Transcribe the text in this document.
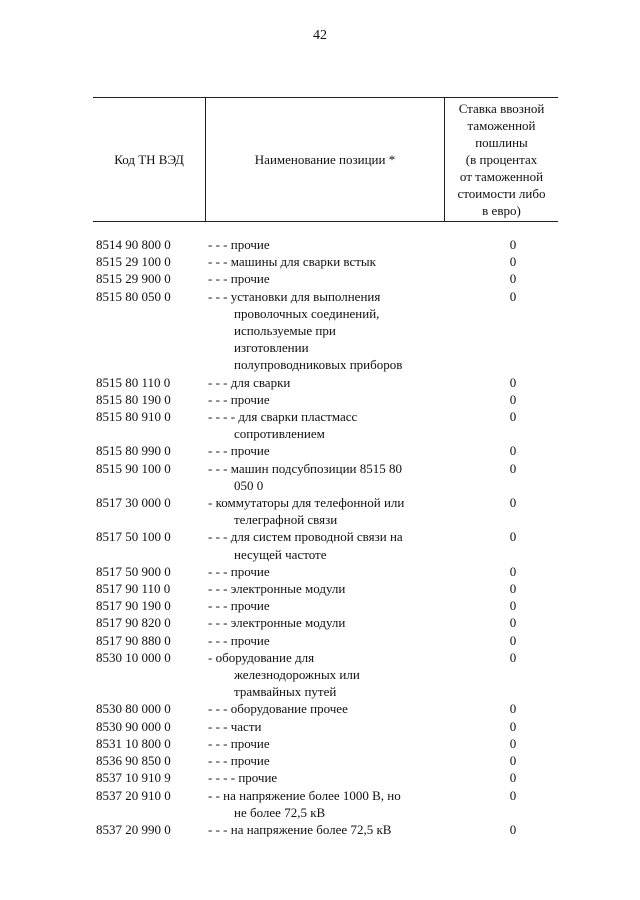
42
Код ТН ВЭД	Наименование позиции *
Ставка ввозной
таможенной
пошлины
(в процентах
от таможенной
стоимости либо
в евро)
8514 90 800 0	- - - прочие	0
8515 29 100 0	- - - машины для сварки встык	0
8515 29 900 0	- - - прочие	0
8515 80 050 0	- - - установки для выполнения
проволочных соединений,
используемые при
изготовлении
полупроводниковых приборов
0
8515 80 110 0	- - - для сварки	0
8515 80 190 0	- - - прочие	0
8515 80 910 0	- - - - для сварки пластмасс
сопротивлением
0
8515 80 990 0	- - - прочие	0
8515 90 100 0	- - - машин подсубпозиции 8515 80
050 0
0
8517 30 000 0	- коммутаторы для телефонной или
телеграфной связи
0
8517 50 100 0	- - - для систем проводной связи на
несущей частоте
0
8517 50 900 0	- - - прочие	0
8517 90 110 0	- - - электронные модули	0
8517 90 190 0	- - - прочие	0
8517 90 820 0	- - - электронные модули	0
8517 90 880 0	- - - прочие	0
8530 10 000 0	- оборудование для
железнодорожных или
трамвайных путей
0
8530 80 000 0	- - - оборудование прочее	0
8530 90 000 0	- - - части	0
8531 10 800 0	- - - прочие	0
8536 90 850 0	- - - прочие	0
8537 10 910 9	- - - - прочие	0
8537 20 910 0	- - на напряжение более 1000 В, но
не более 72,5 кВ
0
8537 20 990 0	- - - на напряжение более 72,5 кВ	0
